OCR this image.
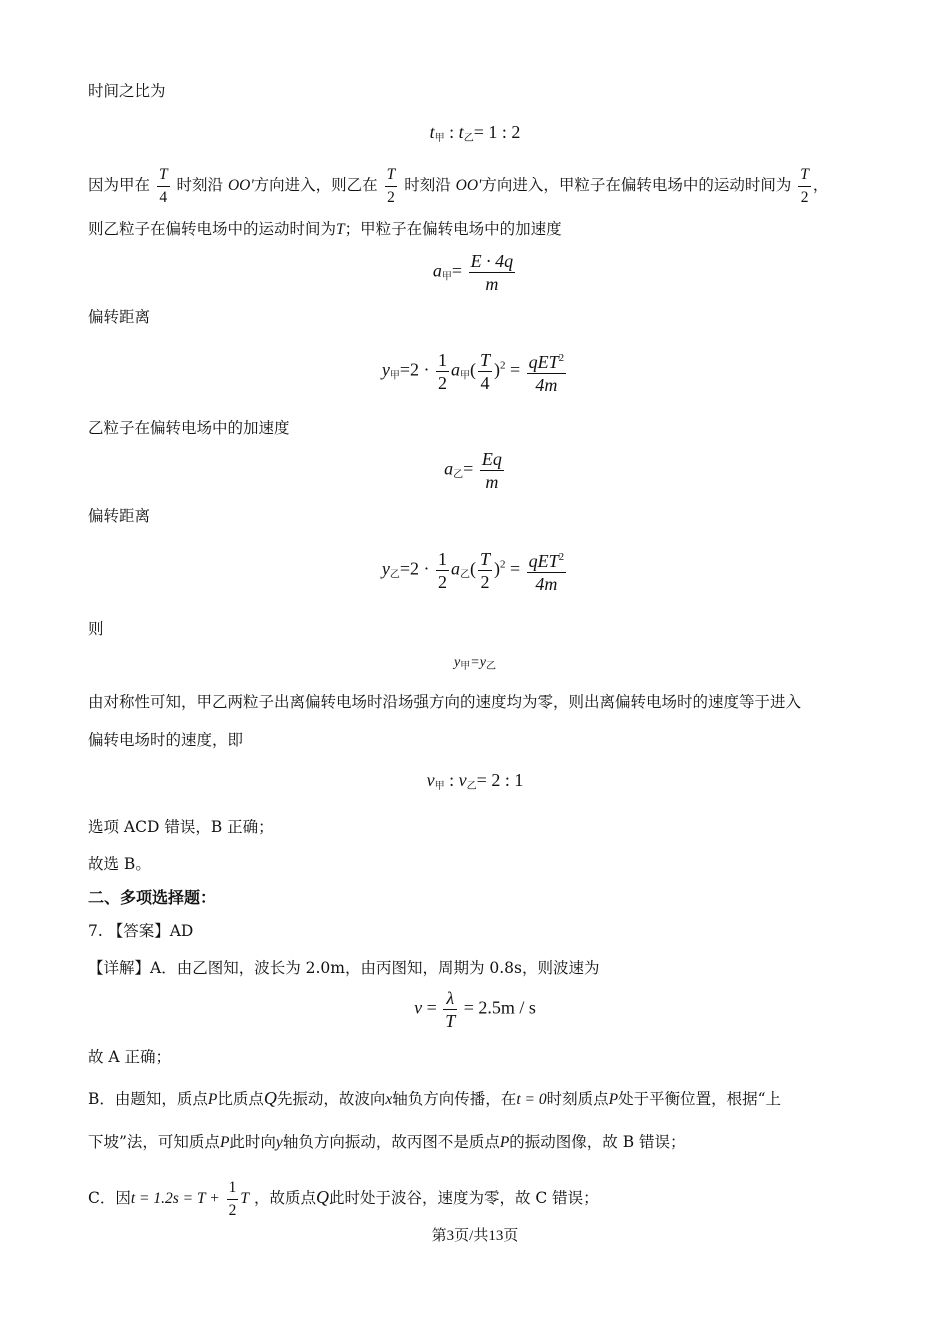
时间之比为
$t_甲$ : $t_乙= 1$ : 2
因为甲在 $\frac{T}{4}$ 时刻沿 OO'方向进入，则乙在 $\frac{T}{2}$ 时刻沿 OO'方向进入，甲粒子在偏转电场中的运动时间为 $\frac{T}{2}$ ，
则乙粒子在偏转电场中的运动时间为T；甲粒子在偏转电场中的加速度
$a_甲= \frac{E \cdot 4q}{m}$
偏转距离
$y_甲=2 \cdot \frac{1}{2} a_甲( \frac{T}{4} )^2 = \frac{qET^2}{4m}$
乙粒子在偏转电场中的加速度
$a_乙= \frac{Eq}{m}$
偏转距离
$y_乙=2 \cdot \frac{1}{2} a_乙( \frac{T}{2} )^2 = \frac{qET^2}{4m}$
则
$y_甲=y_乙$
由对称性可知，甲乙两粒子出离偏转电场时沿场强方向的速度均为零，则出离偏转电场时的速度等于进入
偏转电场时的速度，即
$v_甲$ : $v_乙= 2$ : 1
选项 ACD 错误，B 正确；
故选 B。
二、多项选择题：
7. 【答案】AD
【详解】A．由乙图知，波长为 2.0m，由丙图知，周期为 0.8s，则波速为
$v = \frac{\lambda}{T} = 2.5m / s$
故 A 正确；
B．由题知，质点P比质点Q先振动，故波向x轴负方向传播，在t = 0时刻质点P处于平衡位置，根据“上
下坡”法，可知质点P此时向y轴负方向振动，故丙图不是质点P的振动图像，故 B 错误；
C．因$t = 1.2s = T + \frac{1}{2}$ T ，故质点Q此时处于波谷，速度为零，故 C 错误；
第3页/共13页
